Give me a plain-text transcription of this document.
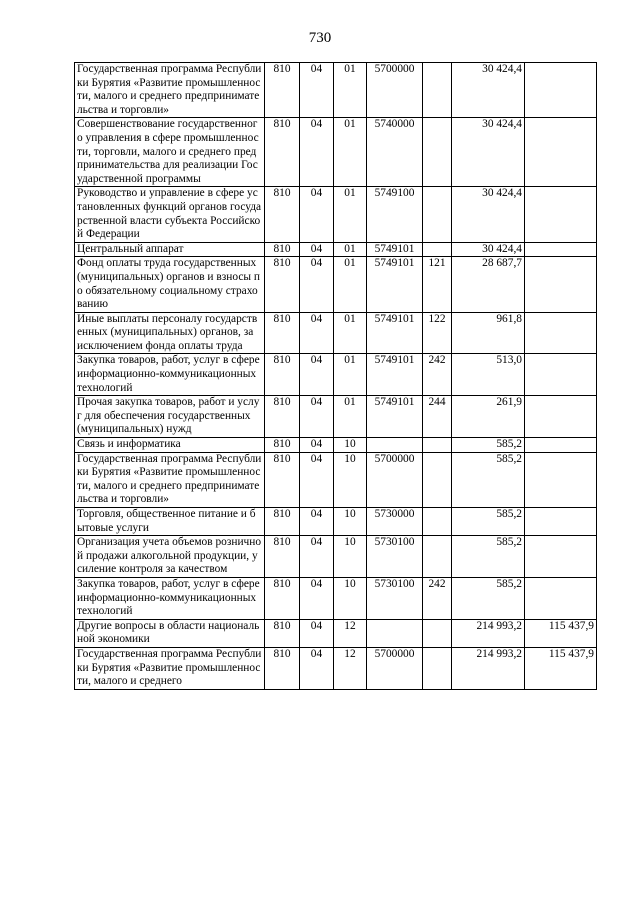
730
Государственная программа Республики Бурятия «Развитие промышленности, малого и среднего предпринимательства и торговли»	810	04	01	5700000		30 424,4	
Совершенствование государственного управления в сфере промышленности, торговли, малого и среднего предпринимательства для реализации Государственной программы	810	04	01	5740000		30 424,4	
Руководство и управление в сфере установленных функций органов государственной власти субъекта Российской Федерации	810	04	01	5749100		30 424,4	
Центральный аппарат	810	04	01	5749101		30 424,4	
Фонд оплаты труда государственных (муниципальных) органов и взносы по обязательному социальному страхованию	810	04	01	5749101	121	28 687,7	
Иные выплаты персоналу государственных (муниципальных) органов, за исключением фонда оплаты труда	810	04	01	5749101	122	961,8	
Закупка товаров, работ, услуг в сфере информационно-коммуникационных технологий	810	04	01	5749101	242	513,0	
Прочая закупка товаров, работ и услуг для обеспечения государственных (муниципальных) нужд	810	04	01	5749101	244	261,9	
Связь и информатика	810	04	10			585,2	
Государственная программа Республики Бурятия «Развитие промышленности, малого и среднего предпринимательства и торговли»	810	04	10	5700000		585,2	
Торговля, общественное питание и бытовые услуги	810	04	10	5730000		585,2	
Организация учета объемов розничной продажи алкогольной продукции, усиление контроля за качеством	810	04	10	5730100		585,2	
Закупка товаров, работ, услуг в сфере информационно-коммуникационных технологий	810	04	10	5730100	242	585,2	
Другие вопросы в области национальной экономики	810	04	12			214 993,2	115 437,9
Государственная программа Республики Бурятия «Развитие промышленности, малого и среднего	810	04	12	5700000		214 993,2	115 437,9
